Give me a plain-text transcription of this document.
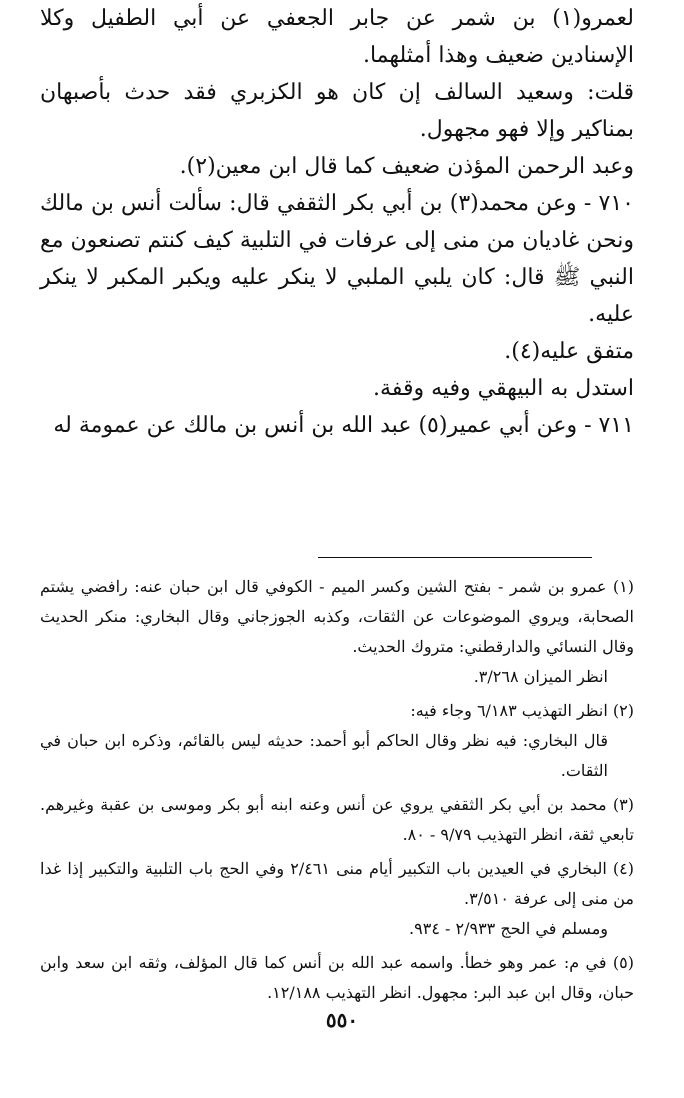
لعمرو(١) بن شمر عن جابر الجعفي عن أبي الطفيل وكلا الإسنادين ضعيف وهذا أمثلهما.

قلت: وسعيد السالف إن كان هو الكزبري فقد حدث بأصبهان بمناكير وإلا فهو مجهول.

وعبد الرحمن المؤذن ضعيف كما قال ابن معين(٢).

٧١٠ - وعن محمد(٣) بن أبي بكر الثقفي قال: سألت أنس بن مالك ونحن غاديان من منى إلى عرفات في التلبية كيف كنتم تصنعون مع النبي ﷺ قال: كان يلبي الملبي لا ينكر عليه ويكبر المكبر لا ينكر عليه.

متفق عليه(٤).

استدل به البيهقي وفيه وقفة.

٧١١ - وعن أبي عمير(٥) عبد الله بن أنس بن مالك عن عمومة له

(١) عمرو بن شمر - بفتح الشين وكسر الميم - الكوفي قال ابن حبان عنه: رافضي يشتم الصحابة، ويروي الموضوعات عن الثقات، وكذبه الجوزجاني وقال البخاري: منكر الحديث وقال النسائي والدارقطني: متروك الحديث.
انظر الميزان ٣/٢٦٨.

(٢) انظر التهذيب ٦/١٨٣ وجاء فيه:
قال البخاري: فيه نظر وقال الحاكم أبو أحمد: حديثه ليس بالقائم، وذكره ابن حبان في الثقات.

(٣) محمد بن أبي بكر الثقفي يروي عن أنس وعنه ابنه أبو بكر وموسى بن عقبة وغيرهم. تابعي ثقة، انظر التهذيب ٩/٧٩ - ٨٠.

(٤) البخاري في العيدين باب التكبير أيام منى ٢/٤٦١ وفي الحج باب التلبية والتكبير إذا غدا من منى إلى عرفة ٣/٥١٠.
ومسلم في الحج ٢/٩٣٣ - ٩٣٤.

(٥) في م: عمر وهو خطأ. واسمه عبد الله بن أنس كما قال المؤلف، وثقه ابن سعد وابن حبان، وقال ابن عبد البر: مجهول. انظر التهذيب ١٢/١٨٨.

٥٥٠
